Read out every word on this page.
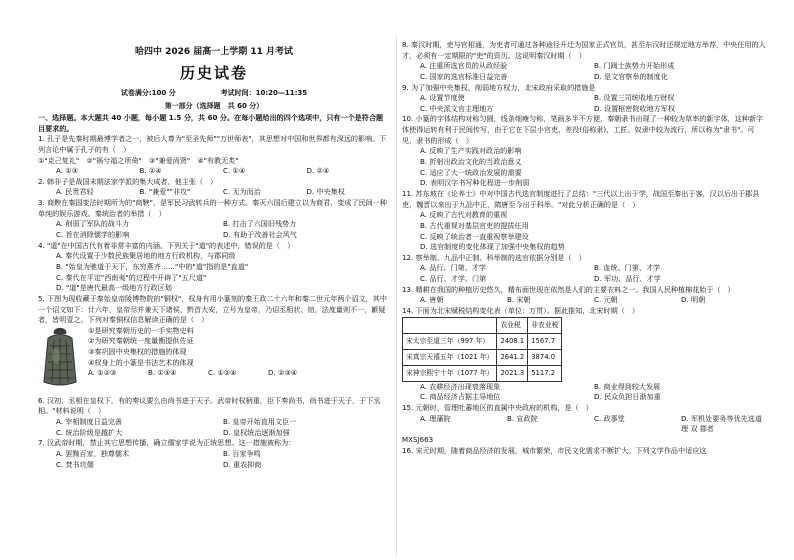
哈四中 2026 届高一上学期 11 月考试
历史试卷
试卷满分:100 分	考试时间：10:20—11:35
第一部分（选择题　共 60 分）

一、选择题。本大题共 40 小题，每小题 1.5 分，共 60 分。在每小题给出的四个选项中，只有一个是符合题目要求的。

1. 孔子是先秦时期最博学者之一，被后人尊为"至圣先师""万世师表"，其思想对中国和世界都有深远的影响。下列言论中属于孔子的有（　）

①"克己复礼"　②"祸兮福之所倚"　③"兼爱尚贤"　④"有教无类"

A. ①③	B. ②④	C. ①④	D. ②④

2. 韩非子是战国末期法家学派的集大成者，他主张（　）

A. 民贵君轻	B. "兼爱""非攻"	C. 无为而治	D. 中央集权

3. 商鞅在秦国变法时期所为的"商鞅"，是军民习武转兵的一种方式。秦灭六国后建立以为商君，变成了民间一种单纯的娱乐游戏。秦统治者的举措（　）

A. 削弱了军队的战斗力	B. 打击了六国旧残势力
C. 旨在消除儒学的影响	D. 有助于改善社会风气

4. "道"在中国古代有着非常丰富的内涵。下列关于"道"的表述中，错误的是（　）

A. 秦代设置于少数民族聚居地的地方行政机构，与郡同级

B. "始皇为驰道于天下，东穷燕齐……"中的"道"指的是"直道"

C. 秦代在平定"西南夷"的过程中开辟了"五尺道"

D. "道"是唐代最高一级地方行政区划

5. 下图为现收藏于秦始皇帝陵博物院的"铜权"，权身有用小篆刻的秦王政二十六年和秦二世元年两个诏文，其中一个诏文如下：廿六年，皇帝尽并兼天下诸侯，黔首大安，立号为皇帝，乃诏丞相状、绾，法度量则不一，歉疑者，皆明壹之。下列对秦铜权信息解读正确的是（　）

①是研究秦朝历史的一手实物史料

②为研究秦朝统一度量衡提供佐证

③秦巩固中央集权的措施的体现

④权身上的小篆是书法艺术的体现

A. ①②③	B. ①③④	C. ①②④	D. ②③④

6. 汉初，丞相在皇权下，有的奏议要么由尚书进于天子。武帝时权柄重，臣下奏尚书，尚书进于天子，于下丞相。"材料说明（　）

A. 宰相制度日益完善	B. 皇帝开始直用文臣一
C. 统治阶级是越扩大	D. 皇权统治逐渐加强

7. 汉武帝时期，禁止其它思想传播，确立儒家学说为正统思想。这一措施被称为：

A. 罢黜百家，独尊儒术	B. 百家争鸣
C. 焚书坑儒	D. 重农抑商

8. 秦汉时期，吏与官相通，为吏者可通过各种途径升迁为国家正式官员，甚至东汉时还规定地方举荐，中央任用的人才，必须有一定期限的"吏"的资历。这说明秦汉时期（　）

A. 注重所选官员的从政经验	B. 门阀士族势力开始形成
C. 国家的选官标准日益完善	D. 是文官察举的制度化

9. 为了加强中央集权，削弱地方权力，北宋政府采取的措施是

A. 设置节度使	B. 设置三司统收地方财权
C. 中央派文官主理地方	D. 设置枢密院收地方军权

10. 小篆的字体结构对称匀圆，线条细瘦匀称，笔画多半不方便，秦朝隶书出现了一种较为草率的新字体，这种新字体使得运转有利于民间传写，由于它在下层小官吏、差役(俗称隶)、工匠、奴隶中较为流行，所以称为"隶书"。可见，隶书的形成（　）

A. 反映了生产实践对政治的影响

B. 折射出政治文化的当政治意义

C. 适应了大一统政治发展的需要

D. 表明汉字书写种化程进一步削弱

11. 苏东坡在《论养士》中对中国古代选官制度进行了总结："三代以上出于学，战国至秦出于客，汉以后出于郡县吏，魏晋以来出于九品中正，隋唐至今出于科举。"对此分析正确的是（　）

A. 反映了古代对教育的重视

B. 古代重视对基层官吏的提拔任用

C. 反映了统治者一直重视察举建设

D. 选官制度的变化体现了加强中央集权的趋势

12. 察举制、九品中正制、科举制的选官依据分别是（　）

A. 品行、门第、才学	B. 血统、门第、才学
C. 品行、才学、门第	D. 军功、品行、才学

13. 精耕在我国的种植历史悠久，精布面世现在依然是人们的主要衣料之一。我国人民种植棉花始于（　）

A. 唐朝	B. 宋朝	C. 元朝	D. 明朝

14. 下面为北宋赋税结构变化表（单位：万贯）。据此推知，北宋时期（　）

	农业税	非农业税
宋太宗至道三年（997 年）	2408.1	1567.7
宋真宗天禧五年（1021 年）	2641.2	3874.0
宋神宗熙宁十年（1077 年）	2021.3	5117.2
A. 农耕经济出现衰落现象	B. 商业得到较大发展
C. 商品经济占据主导地位	D. 民众负担日渐加重

15. 元朝时，管理吐蕃地区的直属中央政府的机构，是（　）

A. 理藩院	B. 宣政院	C. 政事堂	D. 军机处要务等优先选道理 双 郡者

MXSJ663

16. 宋元时期，随着商品经济的发展，城市繁荣，市民文化需求不断扩大。下列文学作品中适应这
